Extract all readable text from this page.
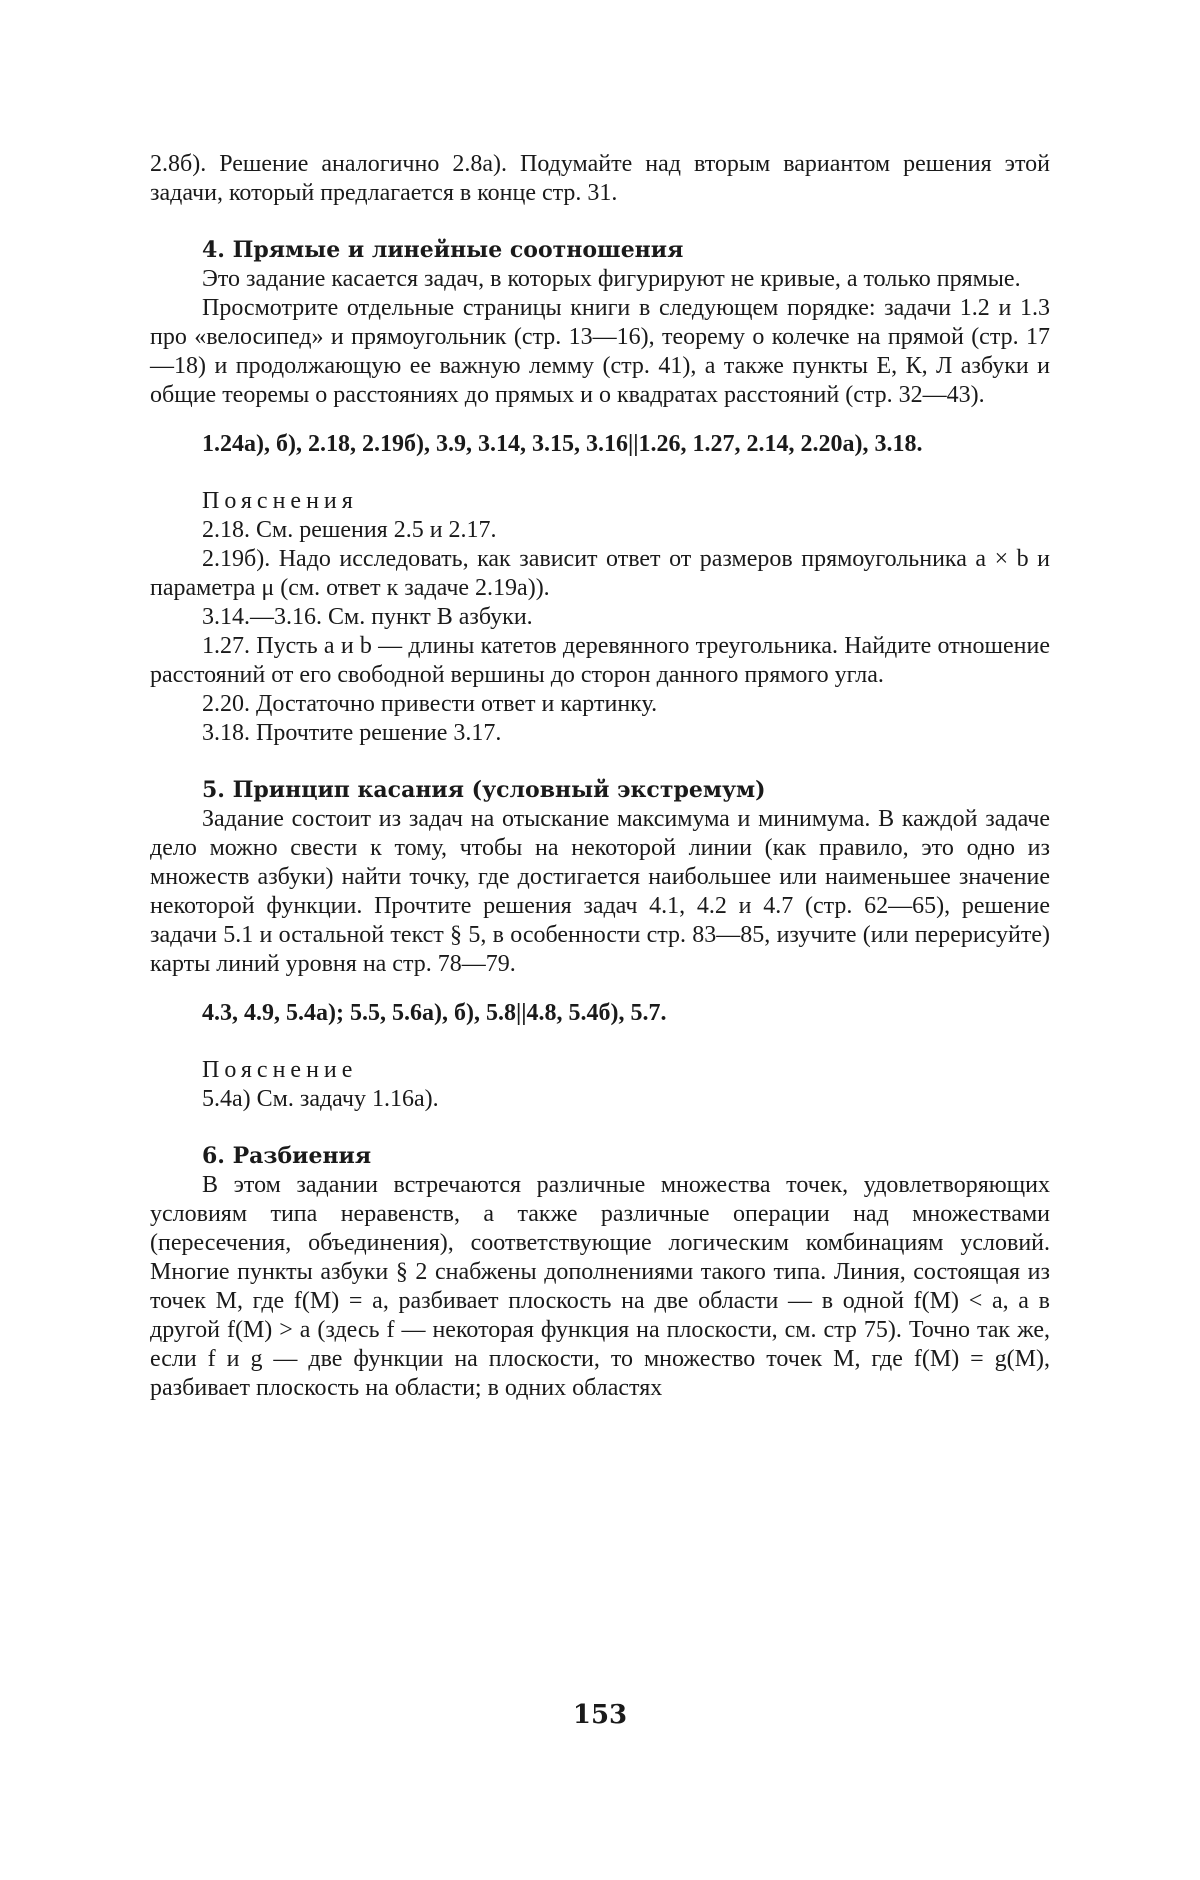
2.8б). Решение аналогично 2.8а). Подумайте над вторым вариантом решения этой задачи, который предлагается в конце стр. 31.

4. Прямые и линейные соотношения

Это задание касается задач, в которых фигурируют не кривые, а только прямые.

Просмотрите отдельные страницы книги в следующем порядке: задачи 1.2 и 1.3 про «велосипед» и прямоугольник (стр. 13—16), теорему о колечке на прямой (стр. 17—18) и продолжающую ее важную лемму (стр. 41), а также пункты Е, К, Л азбуки и общие теоремы о расстояниях до прямых и о квадратах расстояний (стр. 32—43).

1.24а), б), 2.18, 2.19б), 3.9, 3.14, 3.15, 3.16||1.26, 1.27, 2.14, 2.20а), 3.18.

Пояснения

2.18. См. решения 2.5 и 2.17.

2.19б). Надо исследовать, как зависит ответ от размеров прямоугольника a × b и параметра μ (см. ответ к задаче 2.19а)).

3.14.—3.16. См. пункт В азбуки.

1.27. Пусть a и b — длины катетов деревянного треугольника. Найдите отношение расстояний от его свободной вершины до сторон данного прямого угла.

2.20. Достаточно привести ответ и картинку.

3.18. Прочтите решение 3.17.

5. Принцип касания (условный экстремум)

Задание состоит из задач на отыскание максимума и минимума. В каждой задаче дело можно свести к тому, чтобы на некоторой линии (как правило, это одно из множеств азбуки) найти точку, где достигается наибольшее или наименьшее значение некоторой функции. Прочтите решения задач 4.1, 4.2 и 4.7 (стр. 62—65), решение задачи 5.1 и остальной текст § 5, в особенности стр. 83—85, изучите (или перерисуйте) карты линий уровня на стр. 78—79.

4.3, 4.9, 5.4а); 5.5, 5.6а), б), 5.8||4.8, 5.4б), 5.7.

Пояснение

5.4а) См. задачу 1.16а).

6. Разбиения

В этом задании встречаются различные множества точек, удовлетворяющих условиям типа неравенств, а также различные операции над множествами (пересечения, объединения), соответствующие логическим комбинациям условий. Многие пункты азбуки § 2 снабжены дополнениями такого типа. Линия, состоящая из точек M, где f(M) = a, разбивает плоскость на две области — в одной f(M) < a, а в другой f(M) > a (здесь f — некоторая функция на плоскости, см. стр 75). Точно так же, если f и g — две функции на плоскости, то множество точек M, где f(M) = g(M), разбивает плоскость на области; в одних областях

153
